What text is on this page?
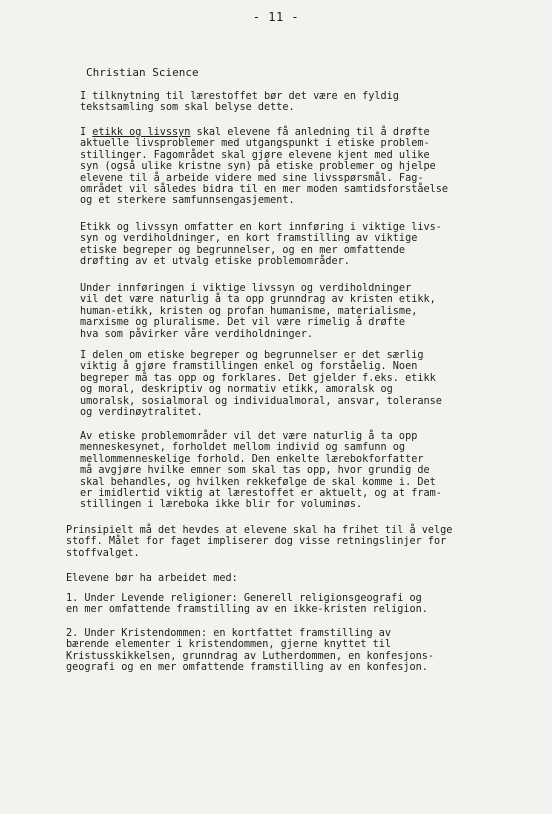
- 11 -
Christian Science
I tilknytning til lærestoffet bør det være en fyldig
tekstsamling som skal belyse dette.
I etikk og livssyn skal elevene få anledning til å drøfte
aktuelle livsproblemer med utgangspunkt i etiske problem-
stillinger. Fagområdet skal gjøre elevene kjent med ulike
syn (også ulike kristne syn) på etiske problemer og hjelpe
elevene til å arbeide videre med sine livsspørsmål. Fag-
området vil således bidra til en mer moden samtidsforståelse
og et sterkere samfunnsengasjement.
Etikk og livssyn omfatter en kort innføring i viktige livs-
syn og verdiholdninger, en kort framstilling av viktige
etiske begreper og begrunnelser, og en mer omfattende
drøfting av et utvalg etiske problemområder.
Under innføringen i viktige livssyn og verdiholdninger
vil det være naturlig å ta opp grunndrag av kristen etikk,
human-etikk, kristen og profan humanisme, materialisme,
marxisme og pluralisme. Det vil være rimelig å drøfte
hva som påvirker våre verdiholdninger.
I delen om etiske begreper og begrunnelser er det særlig
viktig å gjøre framstillingen enkel og forståelig. Noen
begreper må tas opp og forklares. Det gjelder f.eks. etikk
og moral, deskriptiv og normativ etikk, amoralsk og
umoralsk, sosialmoral og individualmoral, ansvar, toleranse
og verdinøytralitet.
Av etiske problemområder vil det være naturlig å ta opp
menneskesynet, forholdet mellom individ og samfunn og
mellommenneskelige forhold. Den enkelte lærebokforfatter
må avgjøre hvilke emner som skal tas opp, hvor grundig de
skal behandles, og hvilken rekkefølge de skal komme i. Det
er imidlertid viktig at lærestoffet er aktuelt, og at fram-
stillingen i læreboka ikke blir for voluminøs.
Prinsipielt må det hevdes at elevene skal ha frihet til å velge
stoff. Målet for faget impliserer dog visse retningslinjer for
stoffvalget.
Elevene bør ha arbeidet med:
1. Under Levende religioner: Generell religionsgeografi og
en mer omfattende framstilling av en ikke-kristen religion.
2. Under Kristendommen: en kortfattet framstilling av
bærende elementer i kristendommen, gjerne knyttet til
Kristusskikkelsen, grunndrag av Lutherdommen, en konfesjons-
geografi og en mer omfattende framstilling av en konfesjon.
